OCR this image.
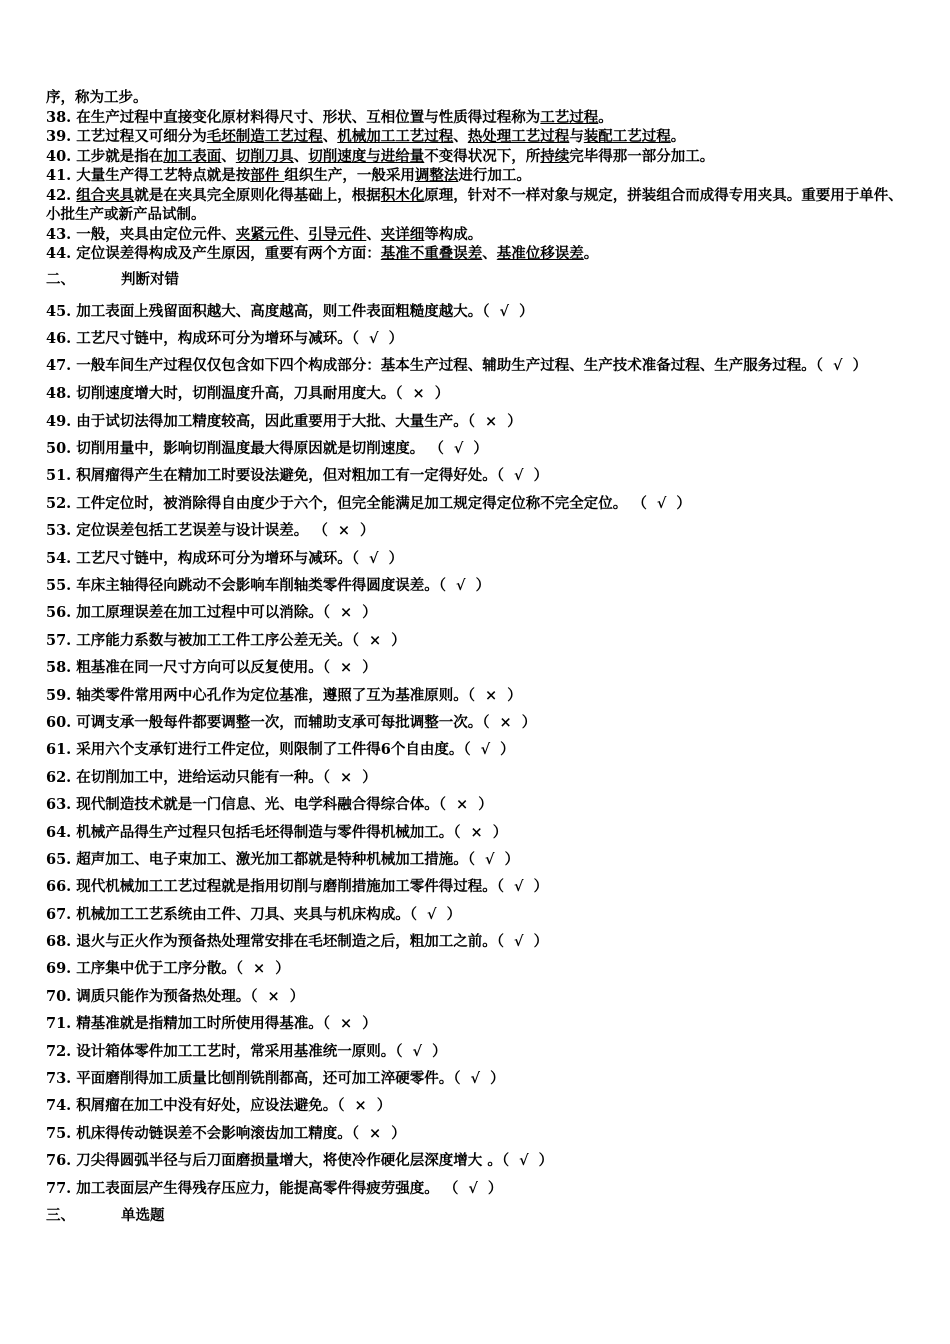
序，称为工步。
38. 在生产过程中直接变化原材料得尺寸、形状、互相位置与性质得过程称为工艺过程。
39. 工艺过程又可细分为毛坯制造工艺过程、机械加工工艺过程、热处理工艺过程与装配工艺过程。
40. 工步就是指在加工表面、切削刀具、切削速度与进给量不变得状况下，所持续完毕得那一部分加工。
41. 大量生产得工艺特点就是按部件 组织生产，一般采用调整法进行加工。
42. 组合夹具就是在夹具完全原则化得基础上，根据积木化原理，针对不一样对象与规定，拼装组合而成得专用夹具。重要用于单件、小批生产或新产品试制。
43. 一般，夹具由定位元件、夹紧元件、引导元件、夹详细等构成。
44. 定位误差得构成及产生原因，重要有两个方面：基准不重叠误差、基准位移误差。
二、	判断对错
45. 加工表面上残留面积越大、高度越高，则工件表面粗糙度越大。（ √ ）
46. 工艺尺寸链中，构成环可分为增环与减环。（ √ ）
47. 一般车间生产过程仅仅包含如下四个构成部分：基本生产过程、辅助生产过程、生产技术准备过程、生产服务过程。（ √ ）
48. 切削速度增大时，切削温度升高，刀具耐用度大。（ × ）
49. 由于试切法得加工精度较高，因此重要用于大批、大量生产。（ × ）
50. 切削用量中，影响切削温度最大得原因就是切削速度。 （ √ ）
51. 积屑瘤得产生在精加工时要设法避免，但对粗加工有一定得好处。（ √ ）
52. 工件定位时，被消除得自由度少于六个，但完全能满足加工规定得定位称不完全定位。 （ √ ）
53. 定位误差包括工艺误差与设计误差。 （ × ）
54. 工艺尺寸链中，构成环可分为增环与减环。（ √ ）
55. 车床主轴得径向跳动不会影响车削轴类零件得圆度误差。（ √ ）
56. 加工原理误差在加工过程中可以消除。（ × ）
57. 工序能力系数与被加工工件工序公差无关。（ × ）
58. 粗基准在同一尺寸方向可以反复使用。（ × ）
59. 轴类零件常用两中心孔作为定位基准，遵照了互为基准原则。（ × ）
60. 可调支承一般每件都要调整一次，而辅助支承可每批调整一次。（ × ）
61. 采用六个支承钉进行工件定位，则限制了工件得6个自由度。（ √ ）
62. 在切削加工中，进给运动只能有一种。（ × ）
63. 现代制造技术就是一门信息、光、电学科融合得综合体。（ × ）
64. 机械产品得生产过程只包括毛坯得制造与零件得机械加工。（ × ）
65. 超声加工、电子束加工、激光加工都就是特种机械加工措施。（ √ ）
66. 现代机械加工工艺过程就是指用切削与磨削措施加工零件得过程。（ √ ）
67. 机械加工工艺系统由工件、刀具、夹具与机床构成。（ √ ）
68. 退火与正火作为预备热处理常安排在毛坯制造之后，粗加工之前。（ √ ）
69. 工序集中优于工序分散。（ × ）
70. 调质只能作为预备热处理。（ × ）
71. 精基准就是指精加工时所使用得基准。（ × ）
72. 设计箱体零件加工工艺时，常采用基准统一原则。（ √ ）
73. 平面磨削得加工质量比刨削铣削都高，还可加工淬硬零件。（ √ ）
74. 积屑瘤在加工中没有好处，应设法避免。（ × ）
75. 机床得传动链误差不会影响滚齿加工精度。（ × ）
76. 刀尖得圆弧半径与后刀面磨损量增大，将使冷作硬化层深度增大 。（ √ ）
77. 加工表面层产生得残存压应力，能提高零件得疲劳强度。 （ √ ）
三、	单选题
